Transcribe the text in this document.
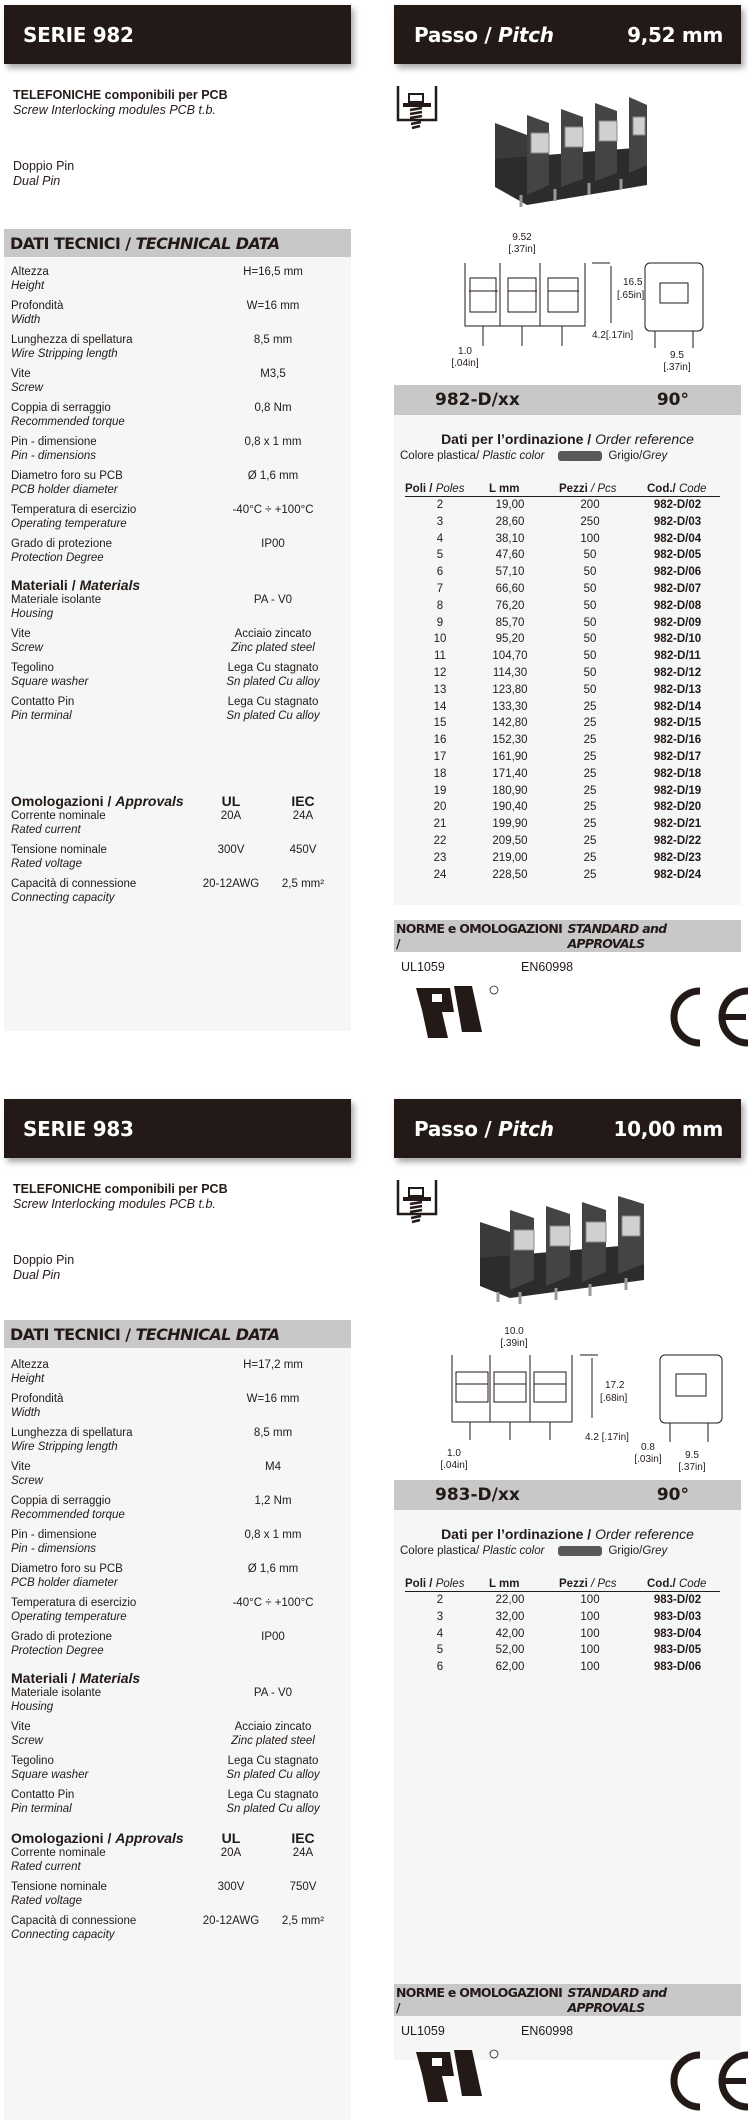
SERIE 982	Passo / Pitch	9,52 mm
TELEFONICHE componibili per PCB
Screw Interlocking modules PCB t.b.
Doppio Pin
Dual Pin
DATI TECNICI /
TECHNICAL DATA
Altezza
Height
H=16,5 mm
Profondità
Width
W=16 mm
Lunghezza di spellatura
Wire Stripping length
8,5 mm
Vite
Screw
M3,5
Coppia di serraggio
Recommended torque
0,8 Nm
Pin - dimensione
Pin - dimensions
0,8 x 1 mm
Diametro foro su PCB
PCB holder diameter
Ø 1,6 mm
Temperatura di esercizio
Operating temperature
-40°C ÷ +100°C
Grado di protezione
Protection Degree
IP00
Materiali / Materials
Materiale isolante
Housing
PA - V0
Vite
Screw
Acciaio zincato
Zinc plated steel
Tegolino
Square washer
Lega Cu stagnato
Sn plated Cu alloy
Contatto Pin
Pin terminal
Lega Cu stagnato
Sn plated Cu alloy
Omologazioni / Approvals	UL	IEC
Corrente nominale
Rated current
20A	24A
Tensione nominale
Rated voltage
300V	450V
Capacità di connessione
Connecting capacity
20-12AWG	2,5 mm²
9.52
[.37in]
16.5
[.65in]
4.2[.17in]
1.0
[.04in]
9.5
[.37in]
982-D/xx	90°
Dati per l’ordinazione / Order reference
Colore plastica/
Plastic color	Grigio/ Grey
Poli / Poles	L mm	Pezzi / Pcs	Cod./ Code
2	19,00	200	982-D/02
3	28,60	250	982-D/03
4	38,10	100	982-D/04
5	47,60	50	982-D/05
6	57,10	50	982-D/06
7	66,60	50	982-D/07
8	76,20	50	982-D/08
9	85,70	50	982-D/09
10	95,20	50	982-D/10
11	104,70	50	982-D/11
12	114,30	50	982-D/12
13	123,80	50	982-D/13
14	133,30	25	982-D/14
15	142,80	25	982-D/15
16	152,30	25	982-D/16
17	161,90	25	982-D/17
18	171,40	25	982-D/18
19	180,90	25	982-D/19
20	190,40	25	982-D/20
21	199,90	25	982-D/21
22	209,50	25	982-D/22
23	219,00	25	982-D/23
24	228,50	25	982-D/24
NORME e OMOLOGAZIONI /

STANDARD and APPROVALS
UL1059	EN60998
SERIE 983	Passo / Pitch	10,00 mm
TELEFONICHE componibili per PCB
Screw Interlocking modules PCB t.b.
Doppio Pin
Dual Pin
DATI TECNICI /
TECHNICAL DATA
Altezza
Height
H=17,2 mm
Profondità
Width
W=16 mm
Lunghezza di spellatura
Wire Stripping length
8,5 mm
Vite
Screw
M4
Coppia di serraggio
Recommended torque
1,2 Nm
Pin - dimensione
Pin - dimensions
0,8 x 1 mm
Diametro foro su PCB
PCB holder diameter
Ø 1,6 mm
Temperatura di esercizio
Operating temperature
-40°C ÷ +100°C
Grado di protezione
Protection Degree
IP00
Materiali / Materials
Materiale isolante
Housing
PA - V0
Vite
Screw
Acciaio zincato
Zinc plated steel
Tegolino
Square washer
Lega Cu stagnato
Sn plated Cu alloy
Contatto Pin
Pin terminal
Lega Cu stagnato
Sn plated Cu alloy
Omologazioni / Approvals	UL	IEC
Corrente nominale
Rated current
20A	24A
Tensione nominale
Rated voltage
300V	750V
Capacità di connessione
Connecting capacity
20-12AWG	2,5 mm²
10.0
[.39in]
17.2
[.68in]
4.2 [.17in]
1.0
[.04in]
0.8
[.03in] 9.5
[.37in]
983-D/xx	90°
Dati per l’ordinazione / Order reference
Colore plastica/
Plastic color	Grigio/ Grey
Poli / Poles	L mm	Pezzi / Pcs	Cod./ Code
2	22,00	100	983-D/02
3	32,00	100	983-D/03
4	42,00	100	983-D/04
5	52,00	100	983-D/05
6	62,00	100	983-D/06
NORME e OMOLOGAZIONI /

STANDARD and APPROVALS
UL1059	EN60998
